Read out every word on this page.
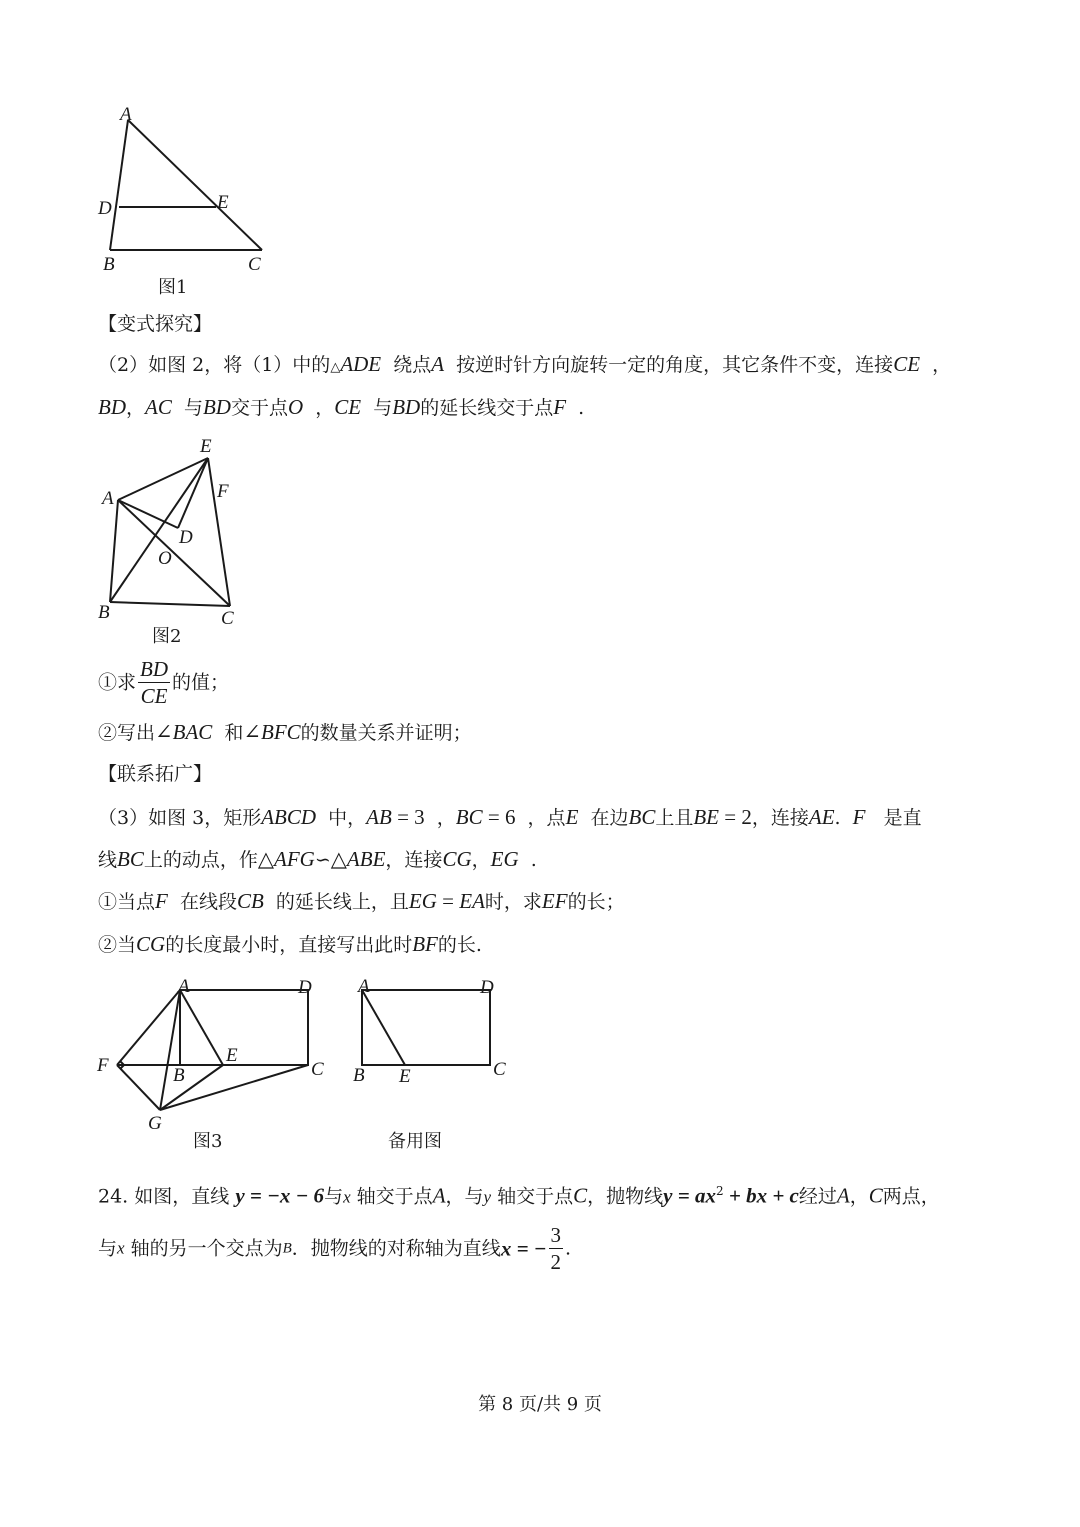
A
D	E
B	C
图1
【变式探究】
（2）如图 2，将（1）中的△ADE 绕点A 按逆时针方向旋转一定的角度，其它条件不变，连接CE ，
BD，AC 与BD交于点O ，CE 与BD的延长线交于点F .
E
A	F
D
O
B	C
图2
①求 $\frac{BD}{CE}$ 的值；
②写出∠BAC 和∠BFC的数量关系并证明；
【联系拓广】
（3）如图 3，矩形ABCD 中，AB = 3 ，BC = 6 ，点E 在边BC上且BE = 2，连接AE. F 是直
线BC上的动点，作△AFG∽△ABE，连接CG，EG .
①当点F 在线段CB 的延长线上，且EG = EA时，求EF的长；
②当CG的长度最小时，直接写出此时BF的长.
A	D
E
F	B	C
G
图3
A	D
B E	C
备用图
24. 如图，直线 y = −x − 6与x 轴交于点A，与y 轴交于点C，抛物线$y = ax^2$ + bx + c经过A，C两点，
与x 轴的另一个交点为B．抛物线的对称轴为直线x = − $\frac{3}{2}$ .
第 8 页/共 9 页
